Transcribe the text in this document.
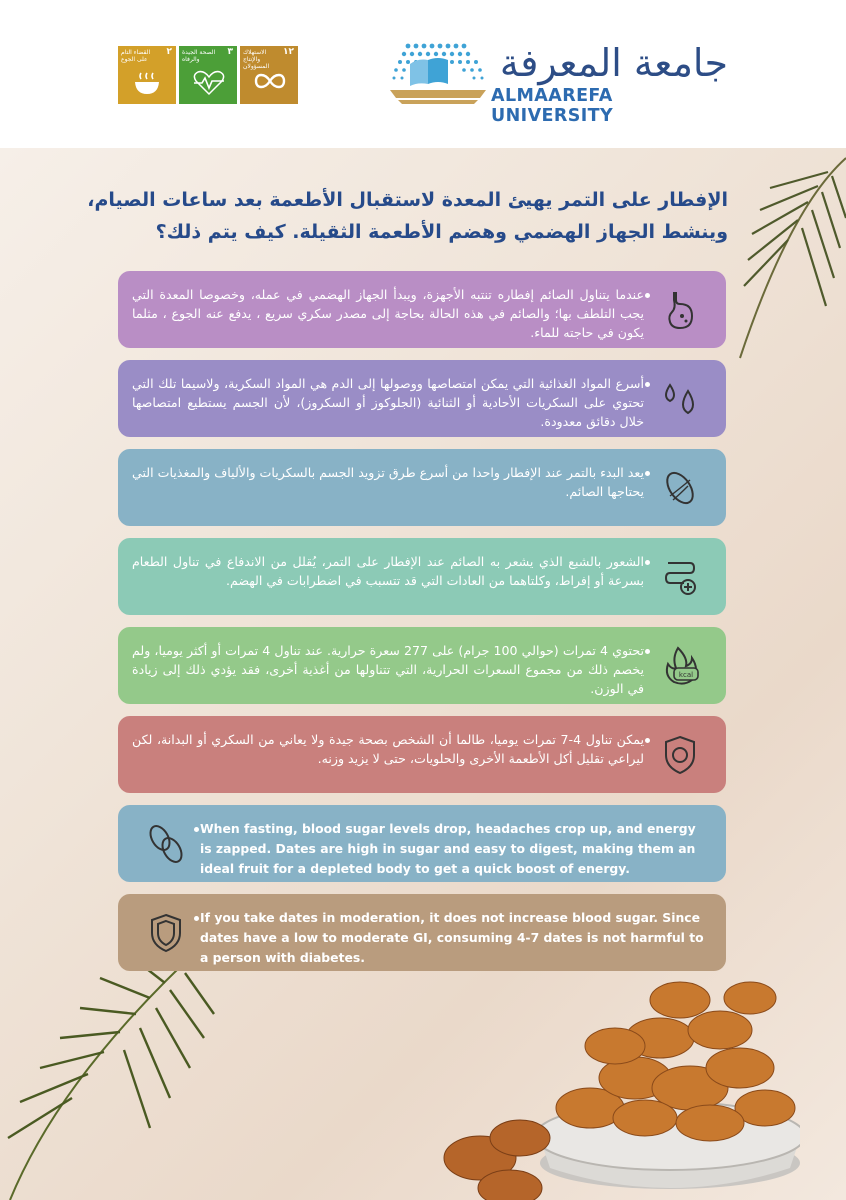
٢
القضاء التام على الجوع
٣
الصحة الجيدة والرفاه
١٢
الاستهلاك والإنتاج المسؤولان	جامعة المعرفة
ALMAAREFA UNIVERSITY
الإفطار على التمر يهيئ المعدة لاستقبال الأطعمة بعد ساعات الصيام،
وينشط الجهاز الهضمي وهضم الأطعمة الثقيلة. كيف يتم ذلك؟
عندما يتناول الصائم إفطاره تنتبه الأجهزة، ويبدأ الجهاز الهضمي في عمله، وخصوصا المعدة التي يجب التلطف بها؛ والصائم في هذه الحالة بحاجة إلى مصدر سكري سريع ، يدفع عنه الجوع ، مثلما يكون في حاجته للماء.
أسرع المواد الغذائية التي يمكن امتصاصها ووصولها إلى الدم هي المواد السكرية، ولاسيما تلك التي تحتوي على السكريات الأحادية أو الثنائية (الجلوكوز أو السكروز)، لأن الجسم يستطيع امتصاصها خلال دقائق معدودة.
يعد البدء بالتمر عند الإفطار واحدا من أسرع طرق تزويد الجسم بالسكريات والألياف والمغذيات التي يحتاجها الصائم.
الشعور بالشبع الذي يشعر به الصائم عند الإفطار على التمر، يُقلل من الاندفاع في تناول الطعام بسرعة أو إفراط، وكلتاهما من العادات التي قد تتسبب في اضطرابات في الهضم.
تحتوي 4 تمرات (حوالي 100 جرام) على 277 سعرة حرارية. عند تناول 4 تمرات أو أكثر يوميا، ولم يخصم ذلك من مجموع السعرات الحرارية، التي تتناولها من أغذية أخرى، فقد يؤدي ذلك إلى زيادة في الوزن.
kcal
يمكن تناول 4-7 تمرات يوميا، طالما أن الشخص بصحة جيدة ولا يعاني من السكري أو البدانة، لكن ليراعي تقليل أكل الأطعمة الأخرى والحلويات، حتى لا يزيد وزنه.
When fasting, blood sugar levels drop, headaches crop up, and energy is zapped. Dates are high in sugar and easy to digest, making them an ideal fruit for a depleted body to get a quick boost of energy.
If you take dates in moderation, it does not increase blood sugar. Since dates have a low to moderate GI, consuming 4-7 dates is not harmful to a person with diabetes.
